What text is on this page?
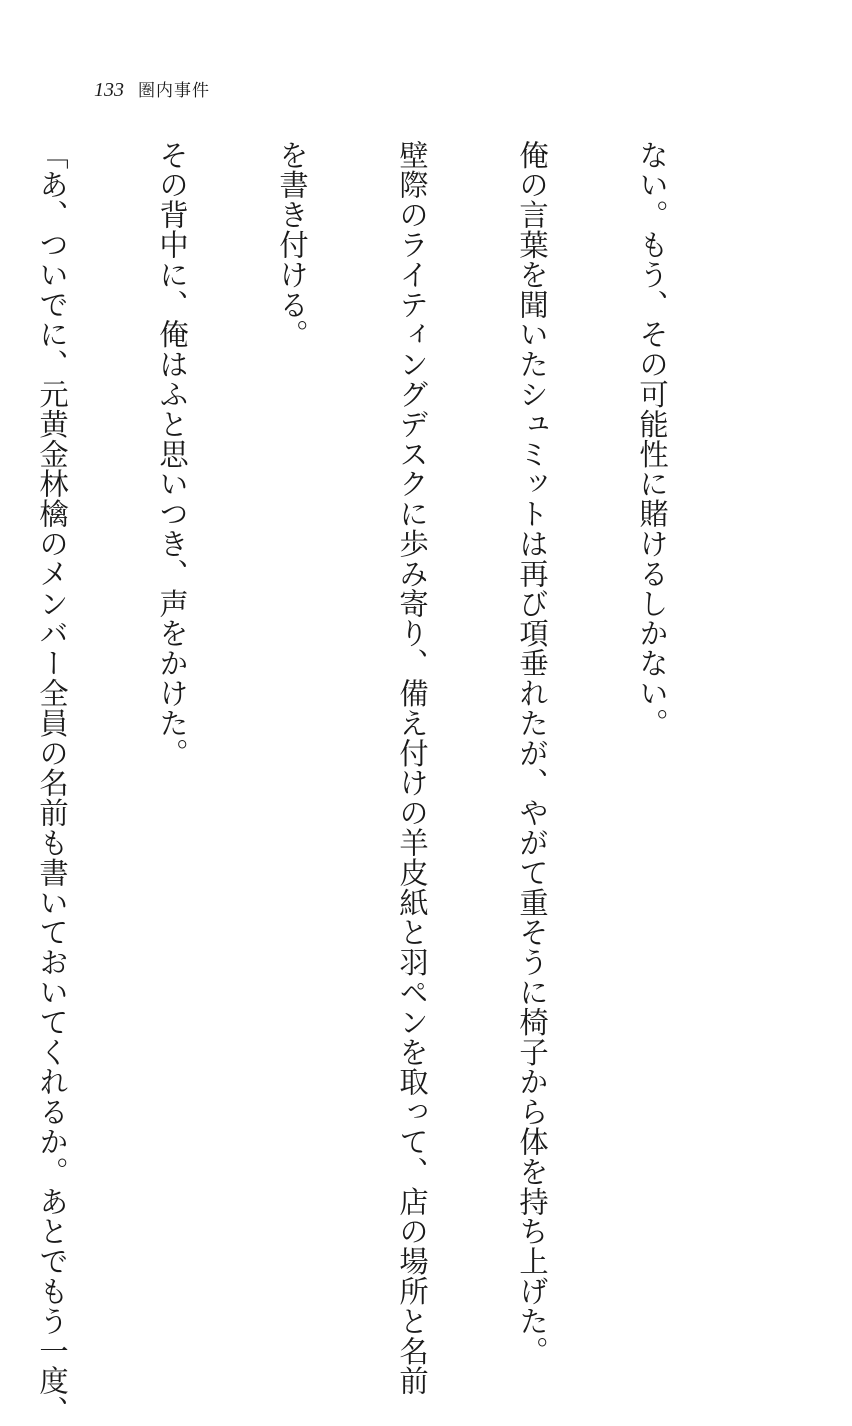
133 圏内事件

ない。もう、その可能性に賭けるしかない。

俺の言葉を聞いたシュミットは再び項垂れたが、やがて重そうに椅子から体を持ち上げた。

壁際のライティングデスクに歩み寄り、備え付けの羊皮紙と羽ペンを取って、店の場所と名前

を書き付ける。

その背中に、俺はふと思いつき、声をかけた。

「あ、ついでに、元黄金林檎のメンバー全員の名前も書いておいてくれるか。あとでもう一度、
